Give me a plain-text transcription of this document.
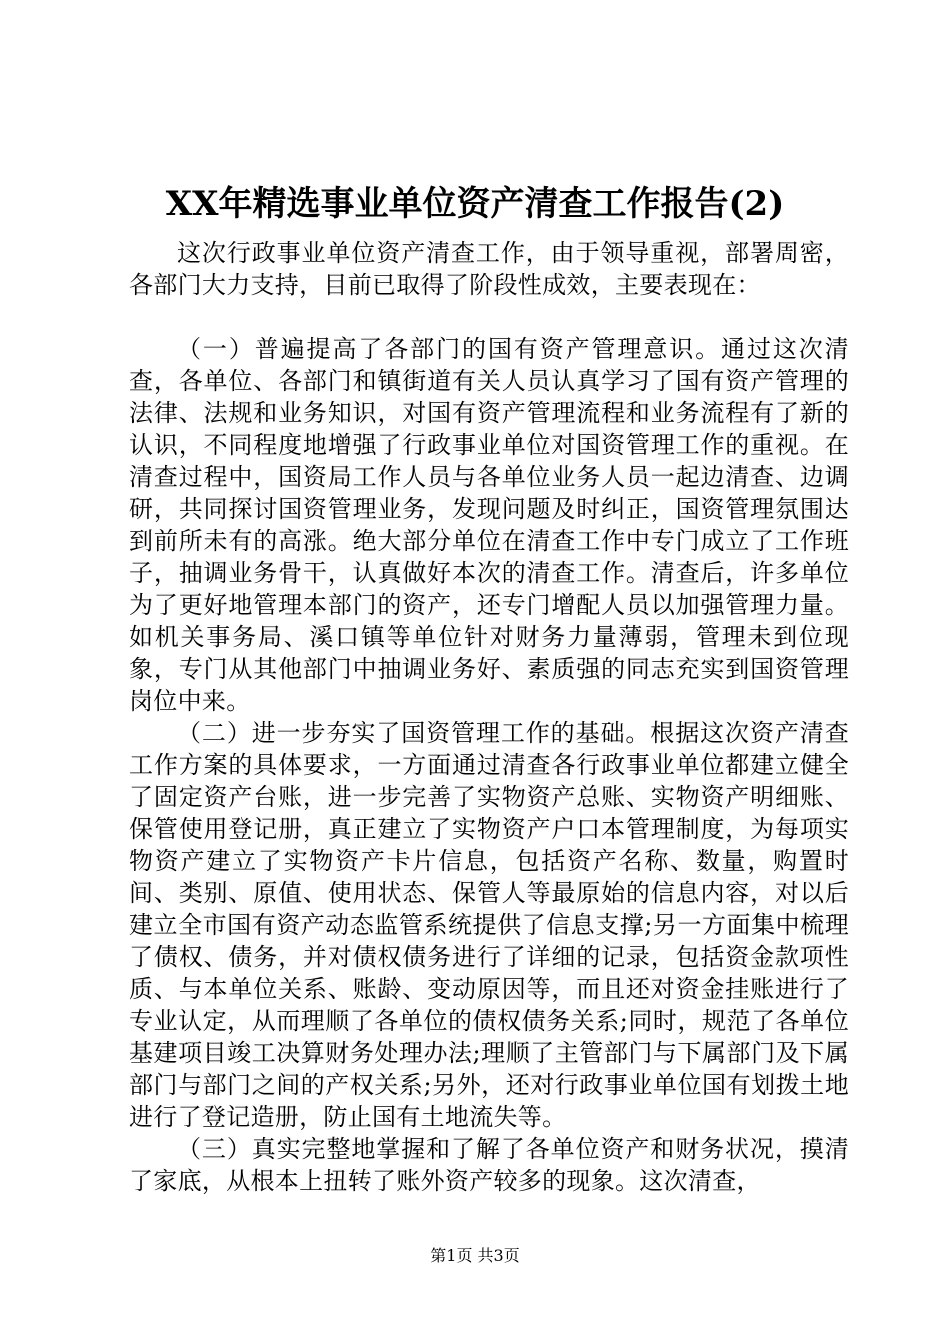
XX年精选事业单位资产清查工作报告(2)

这次行政事业单位资产清查工作，由于领导重视，部署周密，各部门大力支持，目前已取得了阶段性成效，主要表现在：

（一）普遍提高了各部门的国有资产管理意识。通过这次清查，各单位、各部门和镇街道有关人员认真学习了国有资产管理的法律、法规和业务知识，对国有资产管理流程和业务流程有了新的认识，不同程度地增强了行政事业单位对国资管理工作的重视。在清查过程中，国资局工作人员与各单位业务人员一起边清查、边调研，共同探讨国资管理业务，发现问题及时纠正，国资管理氛围达到前所未有的高涨。绝大部分单位在清查工作中专门成立了工作班子，抽调业务骨干，认真做好本次的清查工作。清查后，许多单位为了更好地管理本部门的资产，还专门增配人员以加强管理力量。如机关事务局、溪口镇等单位针对财务力量薄弱，管理未到位现象，专门从其他部门中抽调业务好、素质强的同志充实到国资管理岗位中来。

（二）进一步夯实了国资管理工作的基础。根据这次资产清查工作方案的具体要求，一方面通过清查各行政事业单位都建立健全了固定资产台账，进一步完善了实物资产总账、实物资产明细账、保管使用登记册，真正建立了实物资产户口本管理制度，为每项实物资产建立了实物资产卡片信息，包括资产名称、数量，购置时间、类别、原值、使用状态、保管人等最原始的信息内容，对以后建立全市国有资产动态监管系统提供了信息支撑;另一方面集中梳理了债权、债务，并对债权债务进行了详细的记录，包括资金款项性质、与本单位关系、账龄、变动原因等，而且还对资金挂账进行了专业认定，从而理顺了各单位的债权债务关系;同时，规范了各单位基建项目竣工决算财务处理办法;理顺了主管部门与下属部门及下属部门与部门之间的产权关系;另外，还对行政事业单位国有划拨土地进行了登记造册，防止国有土地流失等。

（三）真实完整地掌握和了解了各单位资产和财务状况，摸清了家底，从根本上扭转了账外资产较多的现象。这次清查，

第1页 共3页
